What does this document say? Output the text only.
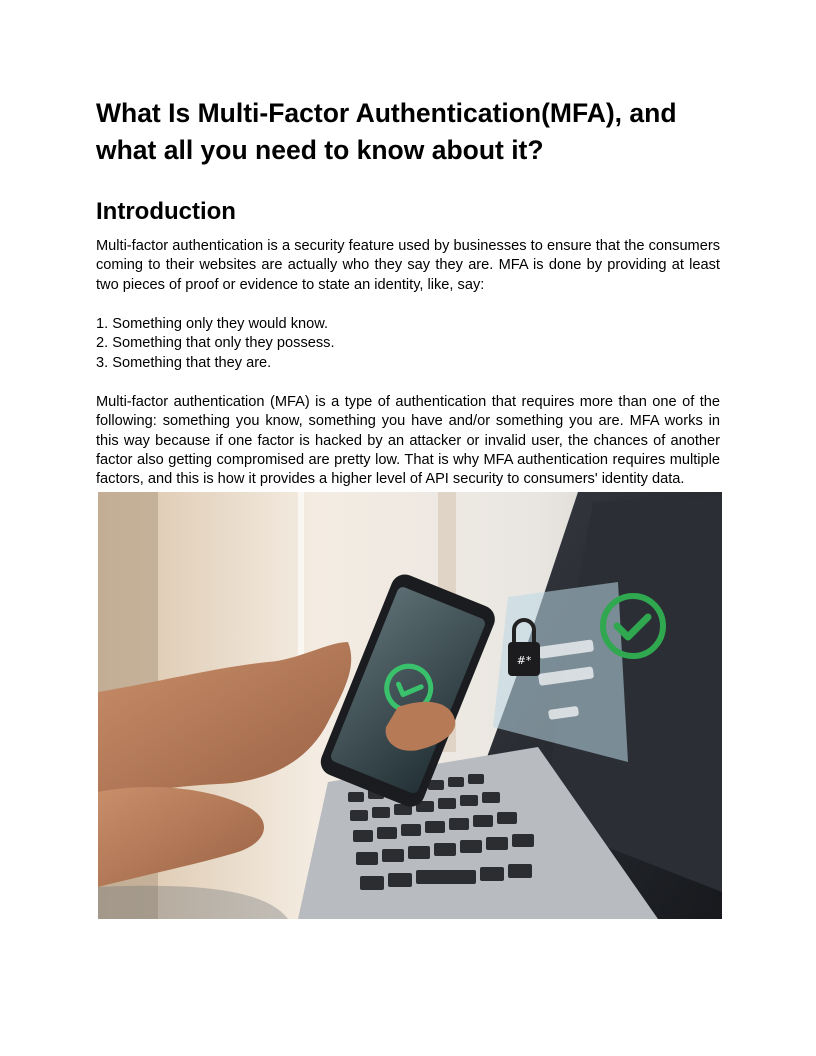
What Is Multi-Factor Authentication(MFA), and what all you need to know about it?
Introduction

Multi-factor authentication is a security feature used by businesses to ensure that the consumers coming to their websites are actually who they say they are. MFA is done by providing at least two pieces of proof or evidence to state an identity, like, say:

1. Something only they would know.
2. Something that only they possess.
3. Something that they are.

Multi-factor authentication (MFA) is a type of authentication that requires more than one of the following: something you know, something you have and/or something you are. MFA works in this way because if one factor is hacked by an attacker or invalid user, the chances of another factor also getting compromised are pretty low. That is why MFA authentication requires multiple factors, and this is how it provides a higher level of API security to consumers' identity data.

#*
